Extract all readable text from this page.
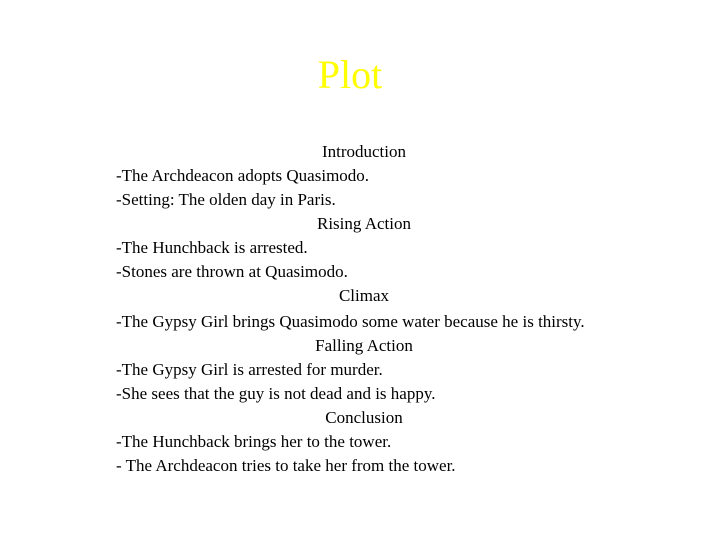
Plot
Introduction
-The Archdeacon adopts Quasimodo.
-Setting: The olden day in Paris.
Rising Action
-The Hunchback is arrested.
-Stones are thrown at Quasimodo.
Climax
-The Gypsy Girl brings Quasimodo some water because he is thirsty.
Falling Action
-The Gypsy Girl is arrested for murder.
-She sees that the guy is not dead and is happy.
Conclusion
-The Hunchback brings her to the tower.
- The Archdeacon tries to take her from the tower.
